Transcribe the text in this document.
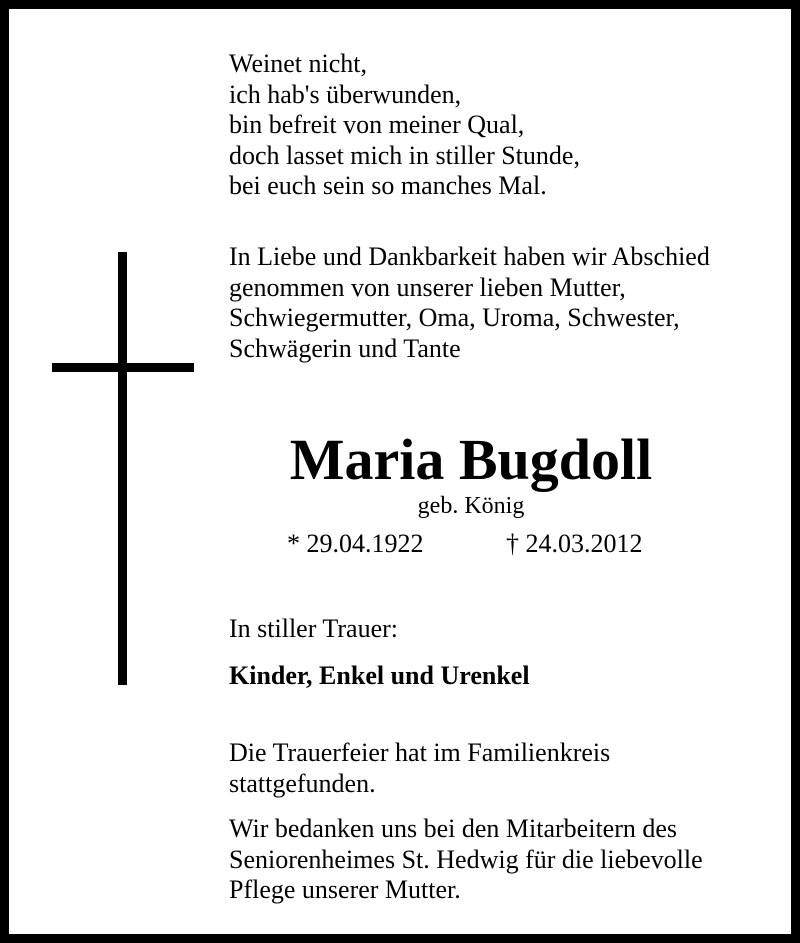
Weinet nicht,
ich hab's überwunden,
bin befreit von meiner Qual,
doch lasset mich in stiller Stunde,
bei euch sein so manches Mal.
In Liebe und Dankbarkeit haben wir Abschied
genommen von unserer lieben Mutter,
Schwiegermutter, Oma, Uroma, Schwester,
Schwägerin und Tante
Maria Bugdoll
geb. König
* 29.04.1922	† 24.03.2012
In stiller Trauer:
Kinder, Enkel und Urenkel
Die Trauerfeier hat im Familienkreis
stattgefunden.
Wir bedanken uns bei den Mitarbeitern des
Seniorenheimes St. Hedwig für die liebevolle
Pflege unserer Mutter.
